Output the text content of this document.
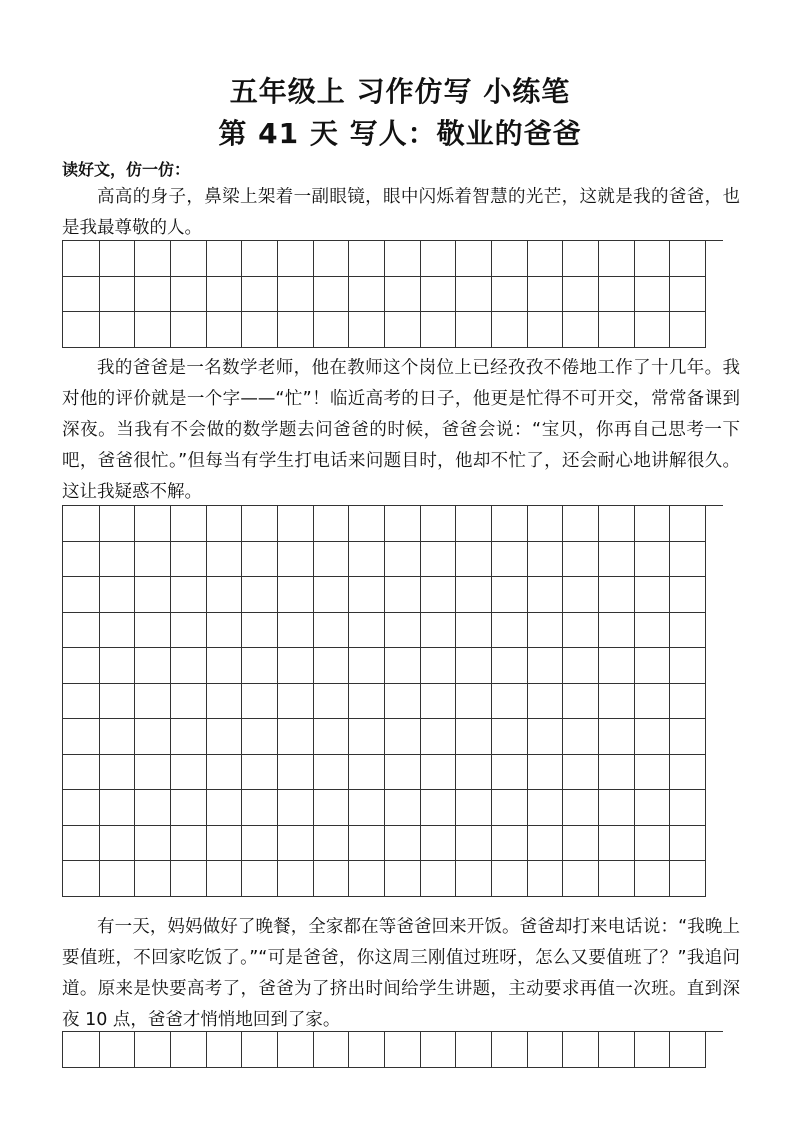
五年级上 习作仿写 小练笔
第 41 天 写人：敬业的爸爸
读好文，仿一仿：

高高的身子，鼻梁上架着一副眼镜，眼中闪烁着智慧的光芒，这就是我的爸爸，也是我最尊敬的人。

我的爸爸是一名数学老师，他在教师这个岗位上已经孜孜不倦地工作了十几年。我对他的评价就是一个字——“忙”！临近高考的日子，他更是忙得不可开交，常常备课到深夜。当我有不会做的数学题去问爸爸的时候，爸爸会说：“宝贝，你再自己思考一下吧，爸爸很忙。”但每当有学生打电话来问题目时，他却不忙了，还会耐心地讲解很久。这让我疑惑不解。

有一天，妈妈做好了晚餐，全家都在等爸爸回来开饭。爸爸却打来电话说：“我晚上要值班，不回家吃饭了。”“可是爸爸，你这周三刚值过班呀，怎么又要值班了？”我追问道。原来是快要高考了，爸爸为了挤出时间给学生讲题，主动要求再值一次班。直到深夜 10 点，爸爸才悄悄地回到了家。
